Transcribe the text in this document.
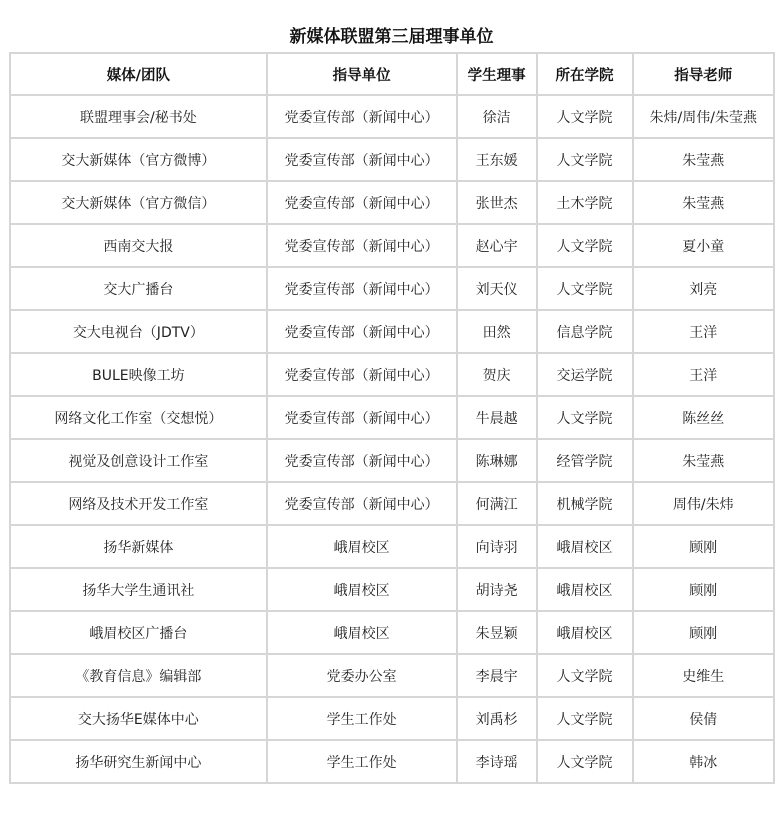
新媒体联盟第三届理事单位
媒体/团队	指导单位	学生理事	所在学院	指导老师
联盟理事会/秘书处	党委宣传部（新闻中心）	徐洁	人文学院	朱炜/周伟/朱莹燕
交大新媒体（官方微博）	党委宣传部（新闻中心）	王东媛	人文学院	朱莹燕
交大新媒体（官方微信）	党委宣传部（新闻中心）	张世杰	土木学院	朱莹燕
西南交大报	党委宣传部（新闻中心）	赵心宇	人文学院	夏小童
交大广播台	党委宣传部（新闻中心）	刘天仪	人文学院	刘亮
交大电视台（JDTV）	党委宣传部（新闻中心）	田然	信息学院	王洋
BULE映像工坊	党委宣传部（新闻中心）	贺庆	交运学院	王洋
网络文化工作室（交想悦）	党委宣传部（新闻中心）	牛晨越	人文学院	陈丝丝
视觉及创意设计工作室	党委宣传部（新闻中心）	陈琳娜	经管学院	朱莹燕
网络及技术开发工作室	党委宣传部（新闻中心）	何满江	机械学院	周伟/朱炜
扬华新媒体	峨眉校区	向诗羽	峨眉校区	顾刚
扬华大学生通讯社	峨眉校区	胡诗尧	峨眉校区	顾刚
峨眉校区广播台	峨眉校区	朱昱颖	峨眉校区	顾刚
《教育信息》编辑部	党委办公室	李晨宇	人文学院	史维生
交大扬华E媒体中心	学生工作处	刘禹杉	人文学院	侯倩
扬华研究生新闻中心	学生工作处	李诗瑶	人文学院	韩冰
